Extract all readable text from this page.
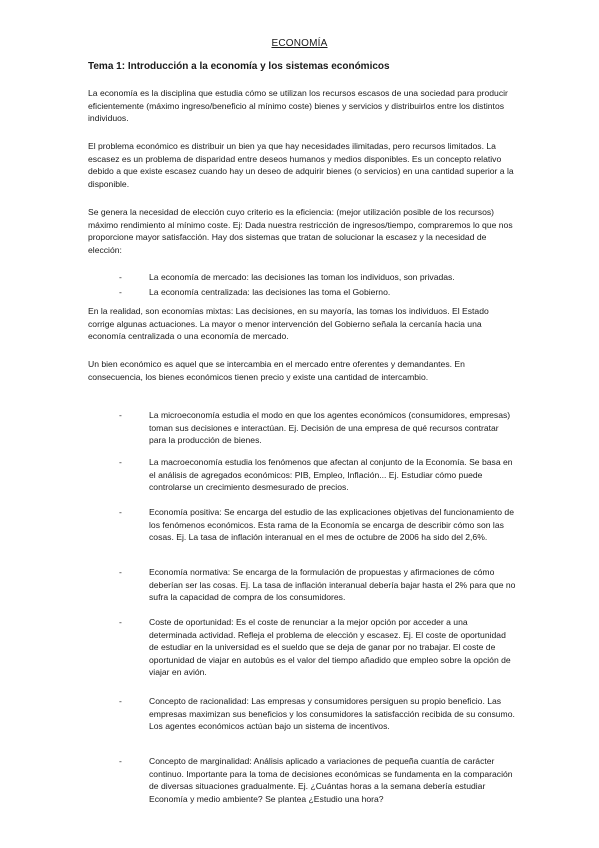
ECONOMÍA
Tema 1: Introducción a la economía y los sistemas económicos

La economía es la disciplina que estudia cómo se utilizan los recursos escasos de una sociedad para producir eficientemente (máximo ingreso/beneficio al mínimo coste) bienes y servicios y distribuirlos entre los distintos individuos.

El problema económico es distribuir un bien ya que hay necesidades ilimitadas, pero recursos limitados. La escasez es un problema de disparidad entre deseos humanos y medios disponibles. Es un concepto relativo debido a que existe escasez cuando hay un deseo de adquirir bienes (o servicios) en una cantidad superior a la disponible.

Se genera la necesidad de elección cuyo criterio es la eficiencia: (mejor utilización posible de los recursos) máximo rendimiento al mínimo coste. Ej: Dada nuestra restricción de ingresos/tiempo, compraremos lo que nos proporcione mayor satisfacción. Hay dos sistemas que tratan de solucionar la escasez y la necesidad de elección:

-	La economía de mercado: las decisiones las toman los individuos, son privadas.
-	La economía centralizada: las decisiones las toma el Gobierno.

En la realidad, son economías mixtas: Las decisiones, en su mayoría, las tomas los individuos. El Estado corrige algunas actuaciones. La mayor o menor intervención del Gobierno señala la cercanía hacia una economía centralizada o una economía de mercado.

Un bien económico es aquel que se intercambia en el mercado entre oferentes y demandantes. En consecuencia, los bienes económicos tienen precio y existe una cantidad de intercambio.

-	La microeconomía estudia el modo en que los agentes económicos (consumidores, empresas) toman sus decisiones e interactúan. Ej. Decisión de una empresa de qué recursos contratar para la producción de bienes.
-	La macroeconomía estudia los fenómenos que afectan al conjunto de la Economía. Se basa en el análisis de agregados económicos: PIB, Empleo, Inflación... Ej. Estudiar cómo puede controlarse un crecimiento desmesurado de precios.
-	Economía positiva: Se encarga del estudio de las explicaciones objetivas del funcionamiento de los fenómenos económicos. Esta rama de la Economía se encarga de describir cómo son las cosas. Ej. La tasa de inflación interanual en el mes de octubre de 2006 ha sido del 2,6%.
-	Economía normativa: Se encarga de la formulación de propuestas y afirmaciones de cómo deberían ser las cosas. Ej. La tasa de inflación interanual debería bajar hasta el 2% para que no sufra la capacidad de compra de los consumidores.
-	Coste de oportunidad: Es el coste de renunciar a la mejor opción por acceder a una determinada actividad. Refleja el problema de elección y escasez. Ej. El coste de oportunidad de estudiar en la universidad es el sueldo que se deja de ganar por no trabajar. El coste de oportunidad de viajar en autobús es el valor del tiempo añadido que empleo sobre la opción de viajar en avión.
-	Concepto de racionalidad: Las empresas y consumidores persiguen su propio beneficio. Las empresas maximizan sus beneficios y los consumidores la satisfacción recibida de su consumo. Los agentes económicos actúan bajo un sistema de incentivos.
-	Concepto de marginalidad: Análisis aplicado a variaciones de pequeña cuantía de carácter continuo. Importante para la toma de decisiones económicas se fundamenta en la comparación de diversas situaciones gradualmente. Ej. ¿Cuántas horas a la semana debería estudiar Economía y medio ambiente? Se plantea ¿Estudio una hora?
